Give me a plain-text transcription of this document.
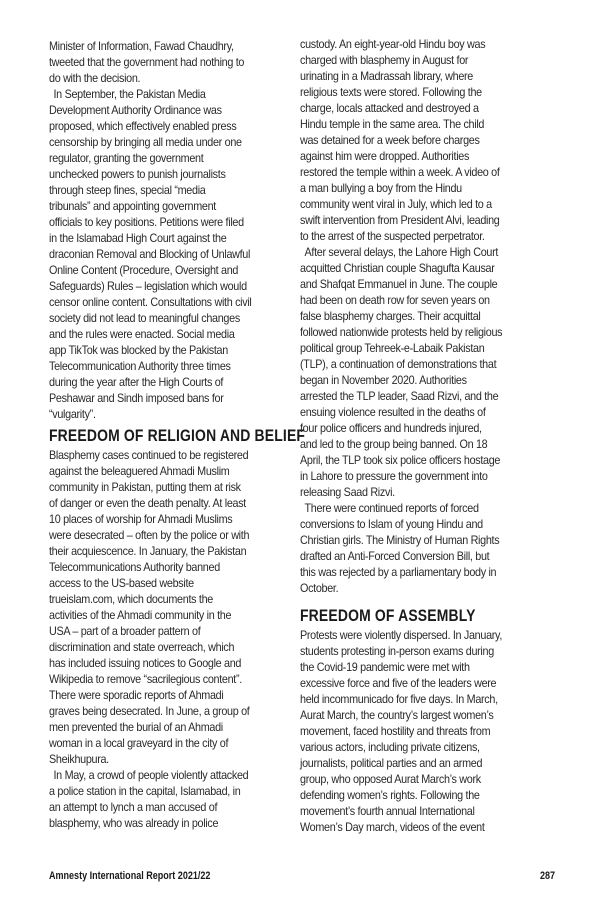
Minister of Information, Fawad Chaudhry,
tweeted that the government had nothing to
do with the decision.
In September, the Pakistan Media
Development Authority Ordinance was
proposed, which effectively enabled press
censorship by bringing all media under one
regulator, granting the government
unchecked powers to punish journalists
through steep fines, special “media
tribunals” and appointing government
officials to key positions. Petitions were filed
in the Islamabad High Court against the
draconian Removal and Blocking of Unlawful
Online Content (Procedure, Oversight and
Safeguards) Rules – legislation which would
censor online content. Consultations with civil
society did not lead to meaningful changes
and the rules were enacted. Social media
app TikTok was blocked by the Pakistan
Telecommunication Authority three times
during the year after the High Courts of
Peshawar and Sindh imposed bans for
“vulgarity”.
FREEDOM OF RELIGION AND BELIEF
Blasphemy cases continued to be registered
against the beleaguered Ahmadi Muslim
community in Pakistan, putting them at risk
of danger or even the death penalty. At least
10 places of worship for Ahmadi Muslims
were desecrated – often by the police or with
their acquiescence. In January, the Pakistan
Telecommunications Authority banned
access to the US-based website
trueislam.com, which documents the
activities of the Ahmadi community in the
USA – part of a broader pattern of
discrimination and state overreach, which
has included issuing notices to Google and
Wikipedia to remove “sacrilegious content”.
There were sporadic reports of Ahmadi
graves being desecrated. In June, a group of
men prevented the burial of an Ahmadi
woman in a local graveyard in the city of
Sheikhupura.
In May, a crowd of people violently attacked
a police station in the capital, Islamabad, in
an attempt to lynch a man accused of
blasphemy, who was already in police
custody. An eight-year-old Hindu boy was
charged with blasphemy in August for
urinating in a Madrassah library, where
religious texts were stored. Following the
charge, locals attacked and destroyed a
Hindu temple in the same area. The child
was detained for a week before charges
against him were dropped. Authorities
restored the temple within a week. A video of
a man bullying a boy from the Hindu
community went viral in July, which led to a
swift intervention from President Alvi, leading
to the arrest of the suspected perpetrator.
After several delays, the Lahore High Court
acquitted Christian couple Shagufta Kausar
and Shafqat Emmanuel in June. The couple
had been on death row for seven years on
false blasphemy charges. Their acquittal
followed nationwide protests held by religious
political group Tehreek-e-Labaik Pakistan
(TLP), a continuation of demonstrations that
began in November 2020. Authorities
arrested the TLP leader, Saad Rizvi, and the
ensuing violence resulted in the deaths of
four police officers and hundreds injured,
and led to the group being banned. On 18
April, the TLP took six police officers hostage
in Lahore to pressure the government into
releasing Saad Rizvi.
There were continued reports of forced
conversions to Islam of young Hindu and
Christian girls. The Ministry of Human Rights
drafted an Anti-Forced Conversion Bill, but
this was rejected by a parliamentary body in
October.
FREEDOM OF ASSEMBLY
Protests were violently dispersed. In January,
students protesting in-person exams during
the Covid-19 pandemic were met with
excessive force and five of the leaders were
held incommunicado for five days. In March,
Aurat March, the country’s largest women’s
movement, faced hostility and threats from
various actors, including private citizens,
journalists, political parties and an armed
group, who opposed Aurat March’s work
defending women’s rights. Following the
movement’s fourth annual International
Women’s Day march, videos of the event
Amnesty International Report 2021/22	287
